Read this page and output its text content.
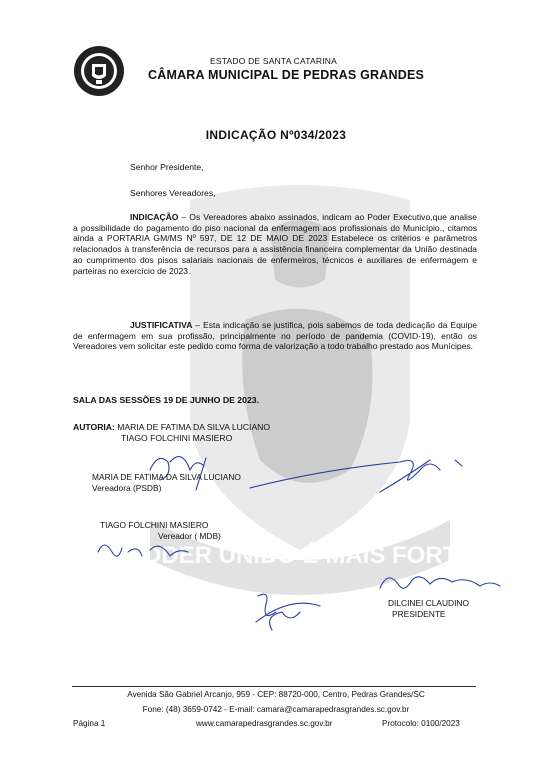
PODER UNIDO É MAIS FORTE
ESTADO DE SANTA CATARINA
CÂMARA MUNICIPAL DE PEDRAS GRANDES
INDICAÇÃO Nº034/2023
Senhor Presidente,
Senhores Vereadores,
INDICAÇÃO – Os Vereadores abaixo assinados, indicam ao Poder Executivo,que analise a possibilidade do pagamento do piso nacional da enfermagem aos profissionais do Município., citamos ainda a PORTARIA GM/MS Nº 597, DE 12 DE MAIO DE 2023 Estabelece os critérios e parâmetros relacionados à transferência de recursos para a assistência financeira complementar da União destinada ao cumprimento dos pisos salariais nacionais de enfermeiros, técnicos e auxiliares de enfermagem e parteiras no exercício de 2023.
JUSTIFICATIVA – Esta indicação se justifica, pois sabemos de toda dedicação da Equipe de enfermagem em sua profissão, principalmente no período de pandemia (COVID-19), então os Vereadores vem solicitar este pedido como forma de valorização a todo trabalho prestado aos Munícipes.
SALA DAS SESSÕES 19 DE JUNHO DE 2023.
AUTORIA: MARIA DE FATIMA DA SILVA LUCIANO
TIAGO FOLCHINI MASIERO
MARIA DE FATIMA DA SILVA LUCIANO
Vereadora (PSDB)
TIAGO FOLCHINI MASIERO
Vereador ( MDB)
DILCINEI CLAUDINO
PRESIDENTE
Avenida São Gabriel Arcanjo, 959 - CEP: 88720-000, Centro, Pedras Grandes/SC
Fone: (48) 3659-0742 - E-mail: camara@camarapedrasgrandes.sc.gov.br
Página 1	www.camarapedrasgrandes.sc.gov.br	Protocolo: 0100/2023
